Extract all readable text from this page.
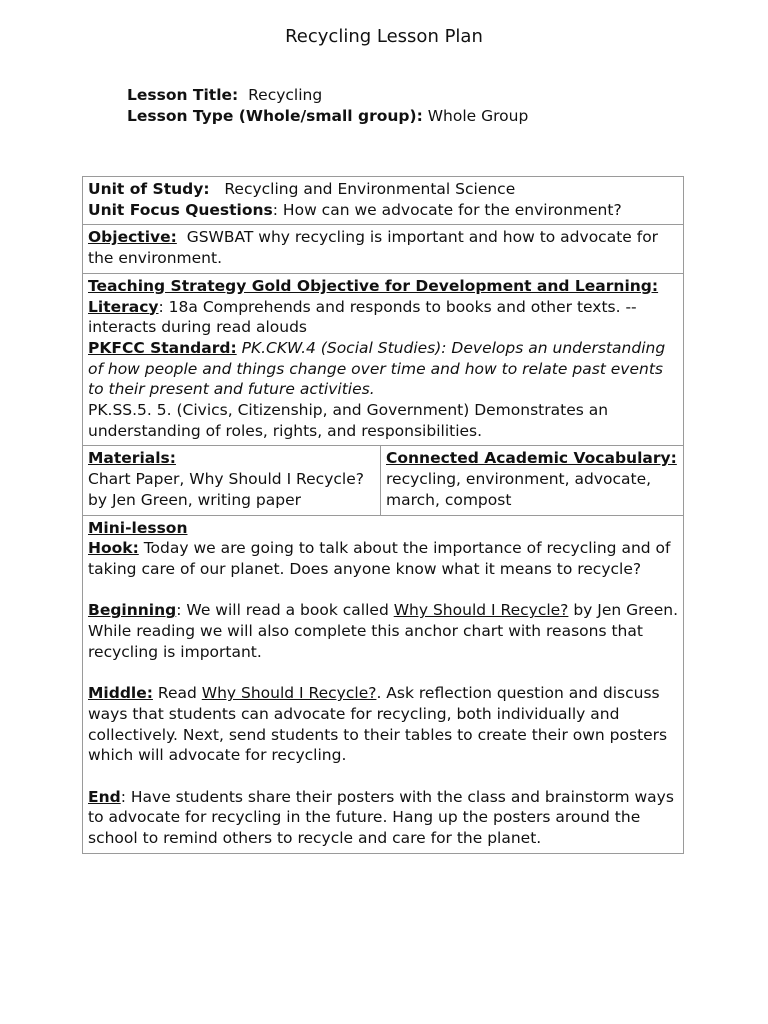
Recycling Lesson Plan
Lesson Title: Recycling
Lesson Type (Whole/small group): Whole Group
Unit of Study: Recycling and Environmental Science
Unit Focus Questions: How can we advocate for the environment?

Objective: GSWBAT why recycling is important and how to advocate for the environment.

Teaching Strategy Gold Objective for Development and Learning:
Literacy: 18a Comprehends and responds to books and other texts. -- interacts during read alouds
PKFCC Standard: PK.CKW.4 (Social Studies): Develops an understanding of how people and things change over time and how to relate past events to their present and future activities.
PK.SS.5. 5. (Civics, Citizenship, and Government) Demonstrates an understanding of roles, rights, and responsibilities.

Materials:
Chart Paper, Why Should I Recycle? by Jen Green, writing paper

Connected Academic Vocabulary:
recycling, environment, advocate, march, compost

Mini-lesson
Hook: Today we are going to talk about the importance of recycling and of taking care of our planet. Does anyone know what it means to recycle?
Beginning: We will read a book called Why Should I Recycle? by Jen Green. While reading we will also complete this anchor chart with reasons that recycling is important.
Middle: Read Why Should I Recycle?. Ask reflection question and discuss ways that students can advocate for recycling, both individually and collectively. Next, send students to their tables to create their own posters which will advocate for recycling.
End: Have students share their posters with the class and brainstorm ways to advocate for recycling in the future. Hang up the posters around the school to remind others to recycle and care for the planet.
